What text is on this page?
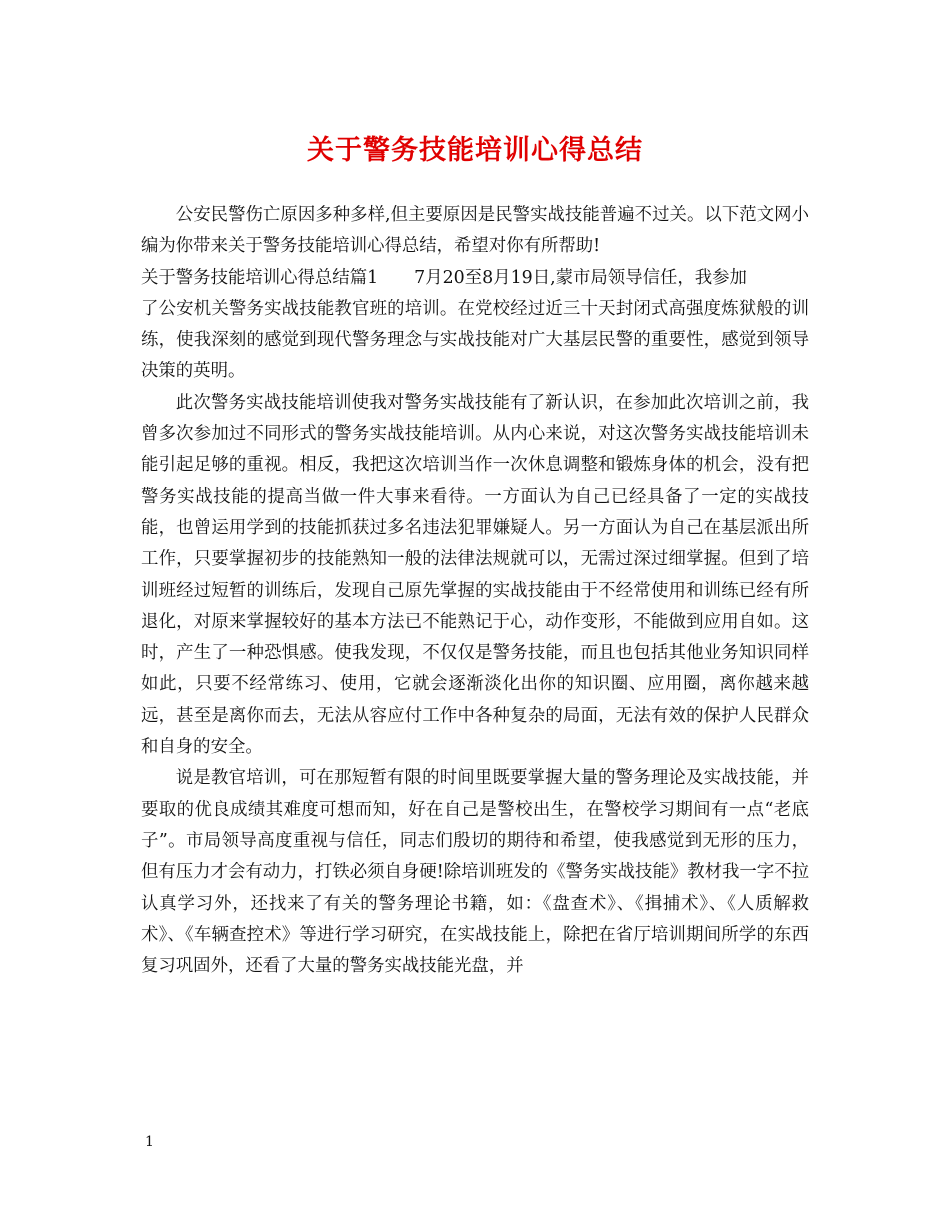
关于警务技能培训心得总结

公安民警伤亡原因多种多样,但主要原因是民警实战技能普遍不过关。以下范文网小编为你带来关于警务技能培训心得总结，希望对你有所帮助!

关于警务技能培训心得总结篇1 7月20至8月19日,蒙市局领导信任，我参加

了公安机关警务实战技能教官班的培训。在党校经过近三十天封闭式高强度炼狱般的训练，使我深刻的感觉到现代警务理念与实战技能对广大基层民警的重要性，感觉到领导决策的英明。

此次警务实战技能培训使我对警务实战技能有了新认识，在参加此次培训之前，我曾多次参加过不同形式的警务实战技能培训。从内心来说，对这次警务实战技能培训未能引起足够的重视。相反，我把这次培训当作一次休息调整和锻炼身体的机会，没有把警务实战技能的提高当做一件大事来看待。一方面认为自己已经具备了一定的实战技能，也曾运用学到的技能抓获过多名违法犯罪嫌疑人。另一方面认为自己在基层派出所工作，只要掌握初步的技能熟知一般的法律法规就可以，无需过深过细掌握。但到了培训班经过短暂的训练后，发现自己原先掌握的实战技能由于不经常使用和训练已经有所退化，对原来掌握较好的基本方法已不能熟记于心，动作变形，不能做到应用自如。这时，产生了一种恐惧感。使我发现，不仅仅是警务技能，而且也包括其他业务知识同样如此，只要不经常练习、使用，它就会逐渐淡化出你的知识圈、应用圈，离你越来越远，甚至是离你而去，无法从容应付工作中各种复杂的局面，无法有效的保护人民群众和自身的安全。

说是教官培训，可在那短暂有限的时间里既要掌握大量的警务理论及实战技能，并要取的优良成绩其难度可想而知，好在自己是警校出生，在警校学习期间有一点“老底子”。市局领导高度重视与信任，同志们殷切的期待和希望，使我感觉到无形的压力，但有压力才会有动力，打铁必须自身硬!除培训班发的《警务实战技能》教材我一字不拉认真学习外，还找来了有关的警务理论书籍，如：《盘查术》、《揖捕术》、《人质解救术》、《车辆查控术》等进行学习研究，在实战技能上，除把在省厅培训期间所学的东西复习巩固外，还看了大量的警务实战技能光盘，并

1
